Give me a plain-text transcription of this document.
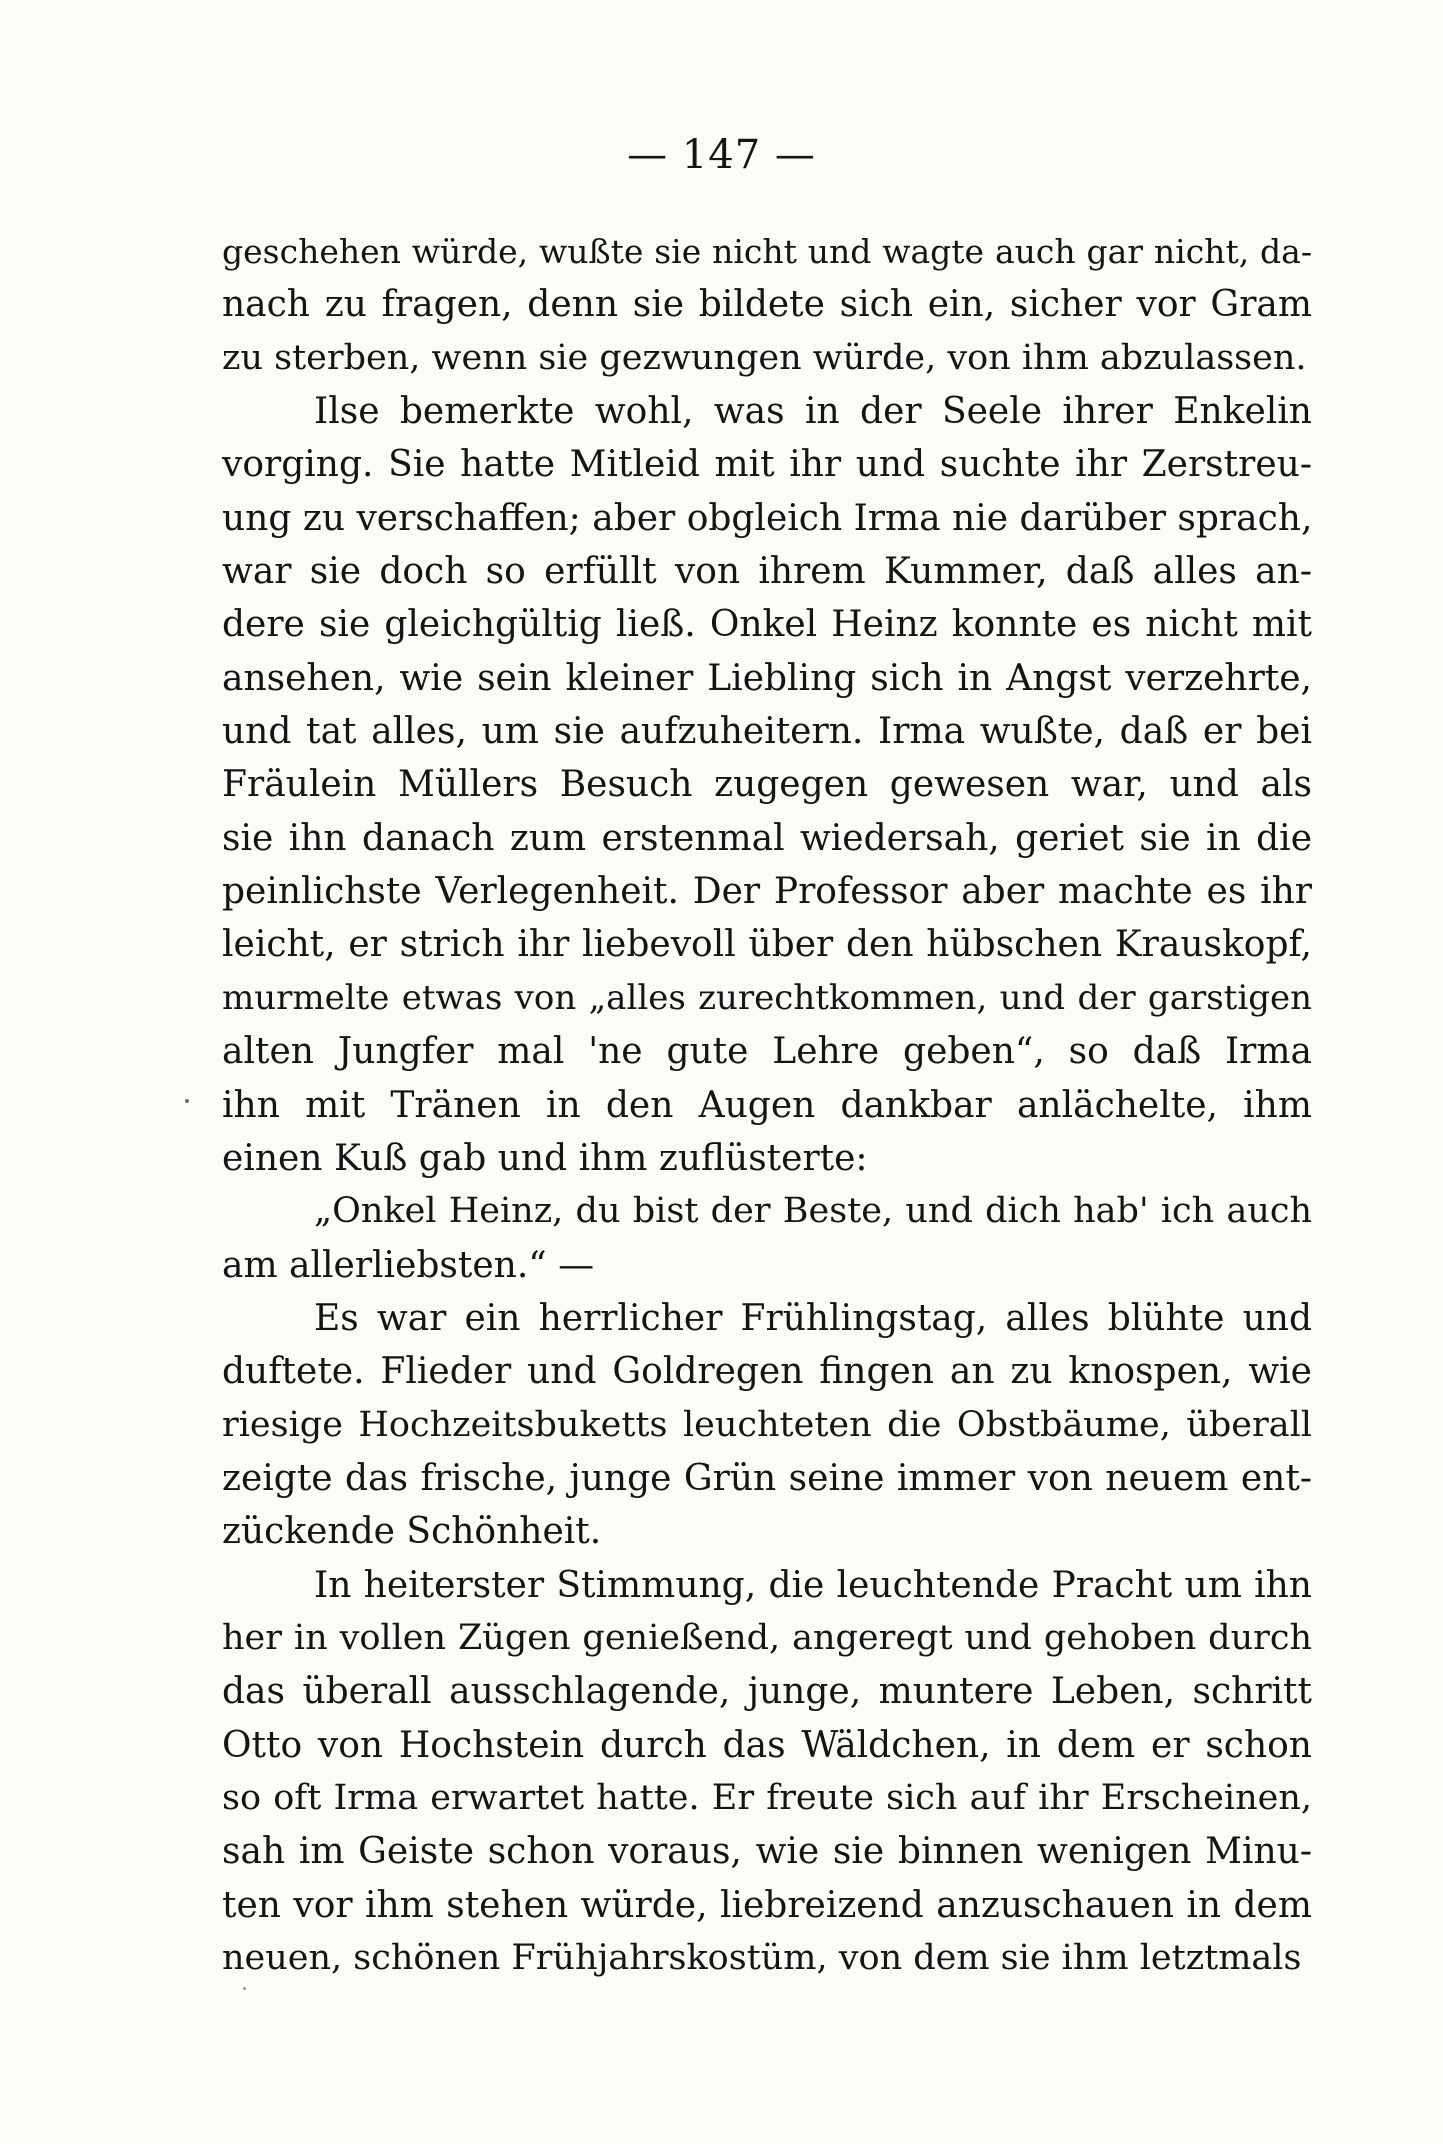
— 147 —
geschehen würde, wußte sie nicht und wagte auch gar nicht, da-
nach zu fragen, denn sie bildete sich ein, sicher vor Gram
zu sterben, wenn sie gezwungen würde, von ihm abzulassen.
Ilse bemerkte wohl, was in der Seele ihrer Enkelin
vorging. Sie hatte Mitleid mit ihr und suchte ihr Zerstreu-
ung zu verschaffen; aber obgleich Irma nie darüber sprach,
war sie doch so erfüllt von ihrem Kummer, daß alles an-
dere sie gleichgültig ließ. Onkel Heinz konnte es nicht mit
ansehen, wie sein kleiner Liebling sich in Angst verzehrte,
und tat alles, um sie aufzuheitern. Irma wußte, daß er bei
Fräulein Müllers Besuch zugegen gewesen war, und als
sie ihn danach zum erstenmal wiedersah, geriet sie in die
peinlichste Verlegenheit. Der Professor aber machte es ihr
leicht, er strich ihr liebevoll über den hübschen Krauskopf,
murmelte etwas von „alles zurechtkommen, und der garstigen
alten Jungfer mal 'ne gute Lehre geben“, so daß Irma
ihn mit Tränen in den Augen dankbar anlächelte, ihm
einen Kuß gab und ihm zuflüsterte:
„Onkel Heinz, du bist der Beste, und dich hab' ich auch
am allerliebsten.“ —
Es war ein herrlicher Frühlingstag, alles blühte und
duftete. Flieder und Goldregen fingen an zu knospen, wie
riesige Hochzeitsbuketts leuchteten die Obstbäume, überall
zeigte das frische, junge Grün seine immer von neuem ent-
zückende Schönheit.
In heiterster Stimmung, die leuchtende Pracht um ihn
her in vollen Zügen genießend, angeregt und gehoben durch
das überall ausschlagende, junge, muntere Leben, schritt
Otto von Hochstein durch das Wäldchen, in dem er schon
so oft Irma erwartet hatte. Er freute sich auf ihr Erscheinen,
sah im Geiste schon voraus, wie sie binnen wenigen Minu-
ten vor ihm stehen würde, liebreizend anzuschauen in dem
neuen, schönen Frühjahrskostüm, von dem sie ihm letztmals
